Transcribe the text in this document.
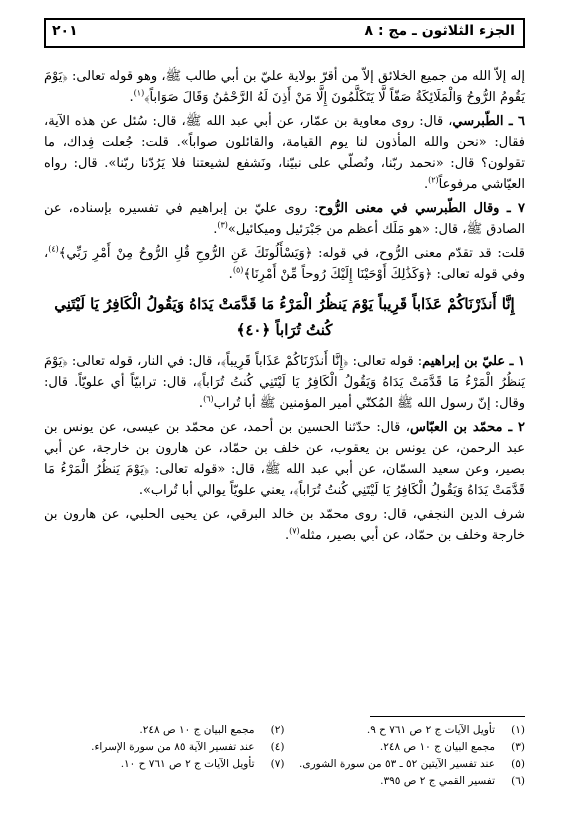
الجزء الثلاثون ـ مج : ٨
٢٠١

إله إلاّ الله من جميع الخلائق إلاّ من أقرّ بولاية عليّ بن أبي طالب ﷺ، وهو قوله تعالى: ﴿يَوْمَ يَقُومُ الرُّوحُ وَالْمَلَائِكَةُ صَفّاً لَّا يَتَكَلَّمُونَ إِلَّا مَنْ أَذِنَ لَهُ الرَّحْمَٰنُ وَقَالَ صَوَاباً﴾$^{(١)}$.

٦ ـ الطّبرسي، قال: روى معاوية بن عمّار، عن أبي عبد الله ﷺ، قال: سُئل عن هذه الآية، فقال: «نحن والله المأذون لنا يوم القيامة، والقائلون صواباً». قلت: جُعلت فِداك، ما تقولون؟ قال: «نحمد ربّنا، ونُصلّي على نبيّنا، ونَشفع لشيعتنا فلا يَرُدّنا ربّنا». قال: رواه العيّاشي مرفوعاً$^{(٢)}$.

٧ ـ وقال الطّبرسي في معنى الرُّوح: روى عليّ بن إبراهيم في تفسيره بإسناده، عن الصادق ﷺ، قال: «هو مَلَك أعظم من جَبْرَئيل وميكائيل»$^{(٣)}$.

قلت: قد تقدّم معنى الرُّوح، في قوله: ﴿وَيَسْأَلُونَكَ عَنِ الرُّوحِ قُلِ الرُّوحُ مِنْ أَمْرِ رَبِّي﴾$^{(٤)}$، وفي قوله تعالى: ﴿وَكَذَٰلِكَ أَوْحَيْنَا إِلَيْكَ رُوحاً مِّنْ أَمْرِنَا﴾$^{(٥)}$.

إِنَّا أَنذَرْنَاكُمْ عَذَاباً قَرِيباً يَوْمَ يَنظُرُ الْمَرْءُ مَا قَدَّمَتْ يَدَاهُ وَيَقُولُ الْكَافِرُ يَا لَيْتَنِي كُنتُ تُرَاباً ﴿٤٠﴾

١ ـ عليّ بن إبراهيم: قوله تعالى: ﴿إِنَّا أَنذَرْنَاكُمْ عَذَاباً قَرِيباً﴾، قال: في النار، قوله تعالى: ﴿يَوْمَ يَنظُرُ الْمَرْءُ مَا قَدَّمَتْ يَدَاهُ وَيَقُولُ الْكَافِرُ يَا لَيْتَنِي كُنتُ تُرَاباً﴾، قال: ترابيّاً أي علويّاً. قال: وقال: إنّ رسول الله ﷺ المُكنّي أمير المؤمنين ﷺ أبا تُراب$^{(٦)}$.

٢ ـ محمّد بن العبّاس، قال: حدّثنا الحسين بن أحمد، عن محمّد بن عيسى، عن يونس بن عبد الرحمن، عن يونس بن يعقوب، عن خلف بن حمّاد، عن هارون بن خارجة، عن أبي بصير، وعن سعيد السمّان، عن أبي عبد الله ﷺ، قال: «قوله تعالى: ﴿يَوْمَ يَنظُرُ الْمَرْءُ مَا قَدَّمَتْ يَدَاهُ وَيَقُولُ الْكَافِرُ يَا لَيْتَنِي كُنتُ تُرَاباً﴾، يعني علويّاً يوالي أبا تُراب».

شرف الدين النجفي، قال: روى محمّد بن خالد البرقي، عن يحيى الحلبي، عن هارون بن خارجة وخلف بن حمّاد، عن أبي بصير، مثله$^{(٧)}$.

(١)
تأويل الآيات ج ٢ ص ٧٦١ ح ٩.
(٣)
مجمع البيان ج ١٠ ص ٢٤٨.
(٥)
عند تفسير الآيتين ٥٢ ـ ٥٣ من سورة الشورى.
(٦)
تفسير القمي ج ٢ ص ٣٩٥.
(٢)
مجمع البيان ج ١٠ ص ٢٤٨.
(٤)
عند تفسير الآية ٨٥ من سورة الإسراء.
(٧)
تأويل الآيات ج ٢ ص ٧٦١ ح ١٠.
